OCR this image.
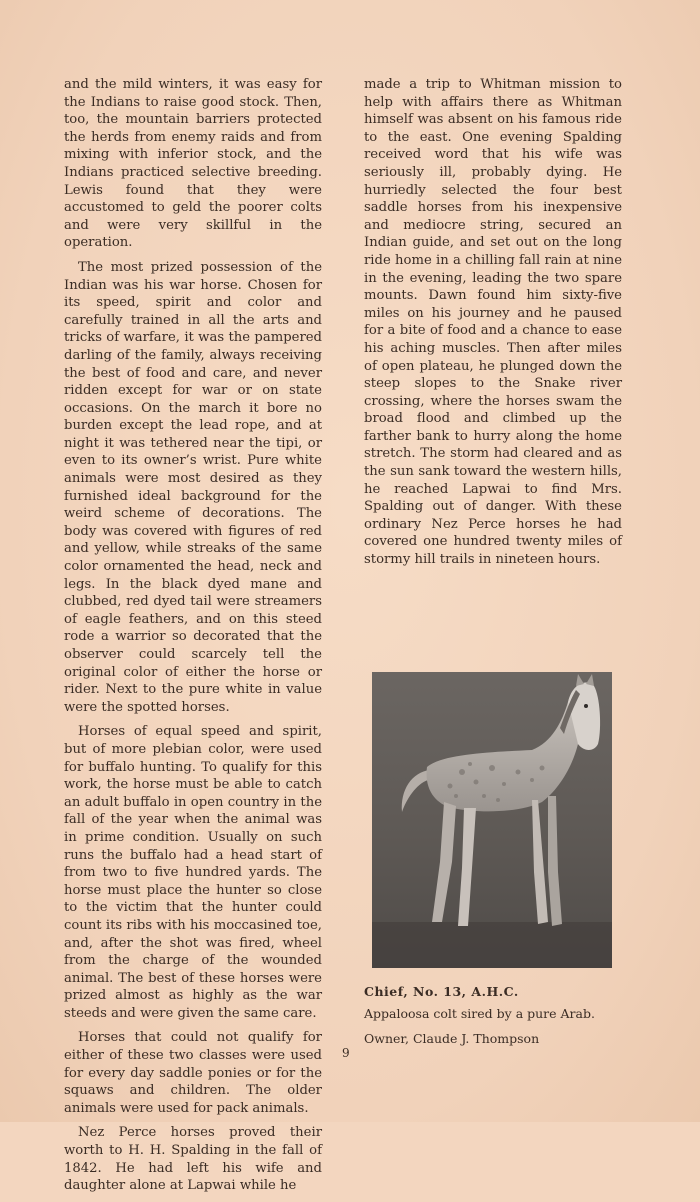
and the mild winters, it was easy for the Indians to raise good stock. Then, too, the mountain barriers protected the herds from enemy raids and from mixing with inferior stock, and the Indians practiced selective breeding. Lewis found that they were accustomed to geld the poorer colts and were very skillful in the operation.

The most prized possession of the Indian was his war horse. Chosen for its speed, spirit and color and carefully trained in all the arts and tricks of warfare, it was the pampered darling of the family, always receiving the best of food and care, and never ridden except for war or on state occasions. On the march it bore no burden except the lead rope, and at night it was tethered near the tipi, or even to its owner’s wrist. Pure white animals were most desired as they furnished ideal background for the weird scheme of decorations. The body was covered with figures of red and yellow, while streaks of the same color ornamented the head, neck and legs. In the black dyed mane and clubbed, red dyed tail were streamers of eagle feathers, and on this steed rode a warrior so decorated that the observer could scarcely tell the original color of either the horse or rider. Next to the pure white in value were the spotted horses.

Horses of equal speed and spirit, but of more plebian color, were used for buffalo hunting. To qualify for this work, the horse must be able to catch an adult buffalo in open country in the fall of the year when the animal was in prime condition. Usually on such runs the buffalo had a head start of from two to five hundred yards. The horse must place the hunter so close to the victim that the hunter could count its ribs with his moccasined toe, and, after the shot was fired, wheel from the charge of the wounded animal. The best of these horses were prized almost as highly as the war steeds and were given the same care.

Horses that could not qualify for either of these two classes were used for every day saddle ponies or for the squaws and children. The older animals were used for pack animals.

Nez Perce horses proved their worth to H. H. Spalding in the fall of 1842. He had left his wife and daughter alone at Lapwai while he

made a trip to Whitman mission to help with affairs there as Whitman himself was absent on his famous ride to the east. One evening Spalding received word that his wife was seriously ill, probably dying. He hurriedly selected the four best saddle horses from his inexpensive and mediocre string, secured an Indian guide, and set out on the long ride home in a chilling fall rain at nine in the evening, leading the two spare mounts. Dawn found him sixty-five miles on his journey and he paused for a bite of food and a chance to ease his aching muscles. Then after miles of open plateau, he plunged down the steep slopes to the Snake river crossing, where the horses swam the broad flood and climbed up the farther bank to hurry along the home stretch. The storm had cleared and as the sun sank toward the western hills, he reached Lapwai to find Mrs. Spalding out of danger. With these ordinary Nez Perce horses he had covered one hundred twenty miles of stormy hill trails in nineteen hours.

Chief, No. 13, A.H.C.
Appaloosa colt sired by a pure Arab.
Owner, Claude J. Thompson
9
